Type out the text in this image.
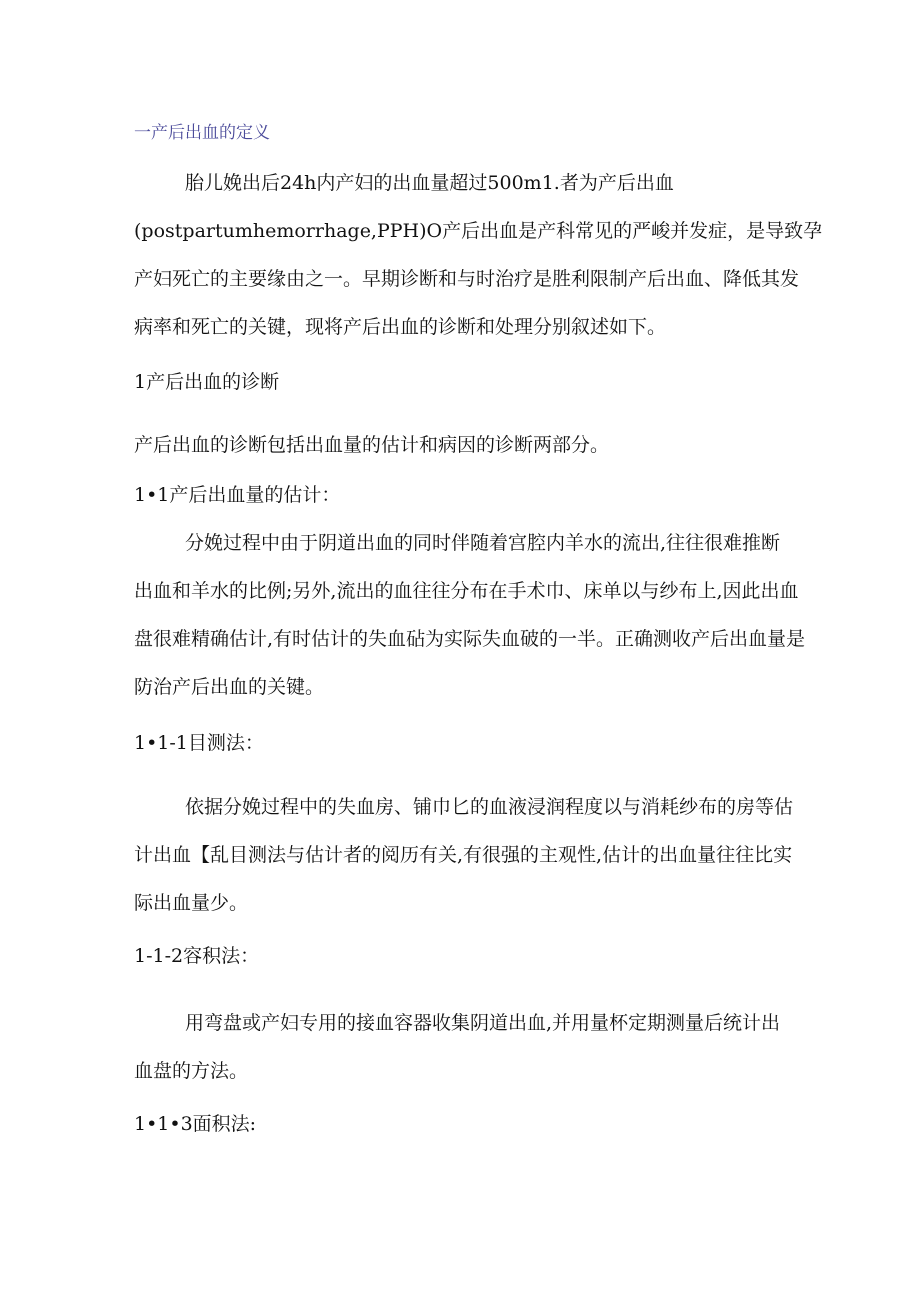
一产后出血的定义

胎儿娩出后24h内产妇的出血量超过500m1.者为产后出血

(postpartumhemorrhage,PPH)O产后出血是产科常见的严峻并发症，是导致孕

产妇死亡的主要缘由之一。早期诊断和与时治疗是胜利限制产后出血、降低其发

病率和死亡的关键，现将产后出血的诊断和处理分别叙述如下。

1产后出血的诊断

产后出血的诊断包括出血量的估计和病因的诊断两部分。

1•1产后出血量的估计：

分娩过程中由于阴道出血的同时伴随着宫腔内羊水的流出,往往很难推断

出血和羊水的比例;另外,流出的血往往分布在手术巾、床单以与纱布上,因此出血

盘很难精确估计,有时估计的失血砧为实际失血破的一半。正确测收产后出血量是

防治产后出血的关键。

1•1-1目测法：

依据分娩过程中的失血房、铺巾匕的血液浸润程度以与消耗纱布的房等估

计出血【乱目测法与估计者的阅历有关,有很强的主观性,估计的出血量往往比实

际出血量少。

1-1-2容积法：

用弯盘或产妇专用的接血容器收集阴道出血,并用量杯定期测量后统计出

血盘的方法。

1•1•3面积法:
